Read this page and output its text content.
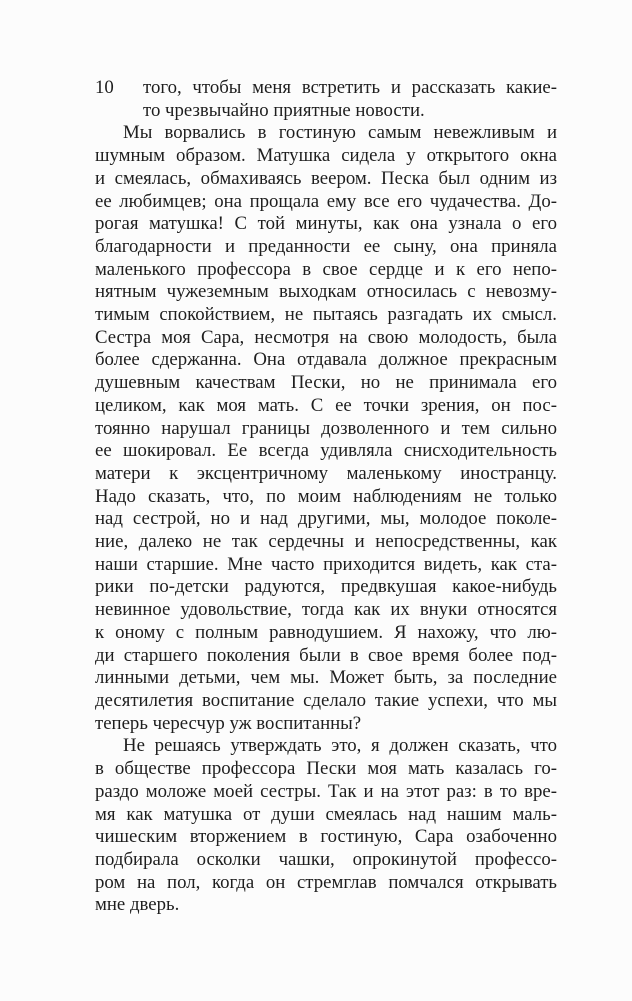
10 того, чтобы меня встретить и рассказать какие-
то чрезвычайно приятные новости.
Мы ворвались в гостиную самым невежливым и
шумным образом. Матушка сидела у открытого окна
и смеялась, обмахиваясь веером. Песка был одним из
ее любимцев; она прощала ему все его чудачества. До-
рогая матушка! С той минуты, как она узнала о его
благодарности и преданности ее сыну, она приняла
маленького профессора в свое сердце и к его непо-
нятным чужеземным выходкам относилась с невозму-
тимым спокойствием, не пытаясь разгадать их смысл.
Сестра моя Сара, несмотря на свою молодость, была
более сдержанна. Она отдавала должное прекрасным
душевным качествам Пески, но не принимала его
целиком, как моя мать. С ее точки зрения, он пос-
тоянно нарушал границы дозволенного и тем сильно
ее шокировал. Ее всегда удивляла снисходительность
матери к эксцентричному маленькому иностранцу.
Надо сказать, что, по моим наблюдениям не только
над сестрой, но и над другими, мы, молодое поколе-
ние, далеко не так сердечны и непосредственны, как
наши старшие. Мне часто приходится видеть, как ста-
рики по-детски радуются, предвкушая какое-нибудь
невинное удовольствие, тогда как их внуки относятся
к оному с полным равнодушием. Я нахожу, что лю-
ди старшего поколения были в свое время более под-
линными детьми, чем мы. Может быть, за последние
десятилетия воспитание сделало такие успехи, что мы
теперь чересчур уж воспитанны?
Не решаясь утверждать это, я должен сказать, что
в обществе профессора Пески моя мать казалась го-
раздо моложе моей сестры. Так и на этот раз: в то вре-
мя как матушка от души смеялась над нашим маль-
чишеским вторжением в гостиную, Сара озабоченно
подбирала осколки чашки, опрокинутой профессо-
ром на пол, когда он стремглав помчался открывать
мне дверь.
